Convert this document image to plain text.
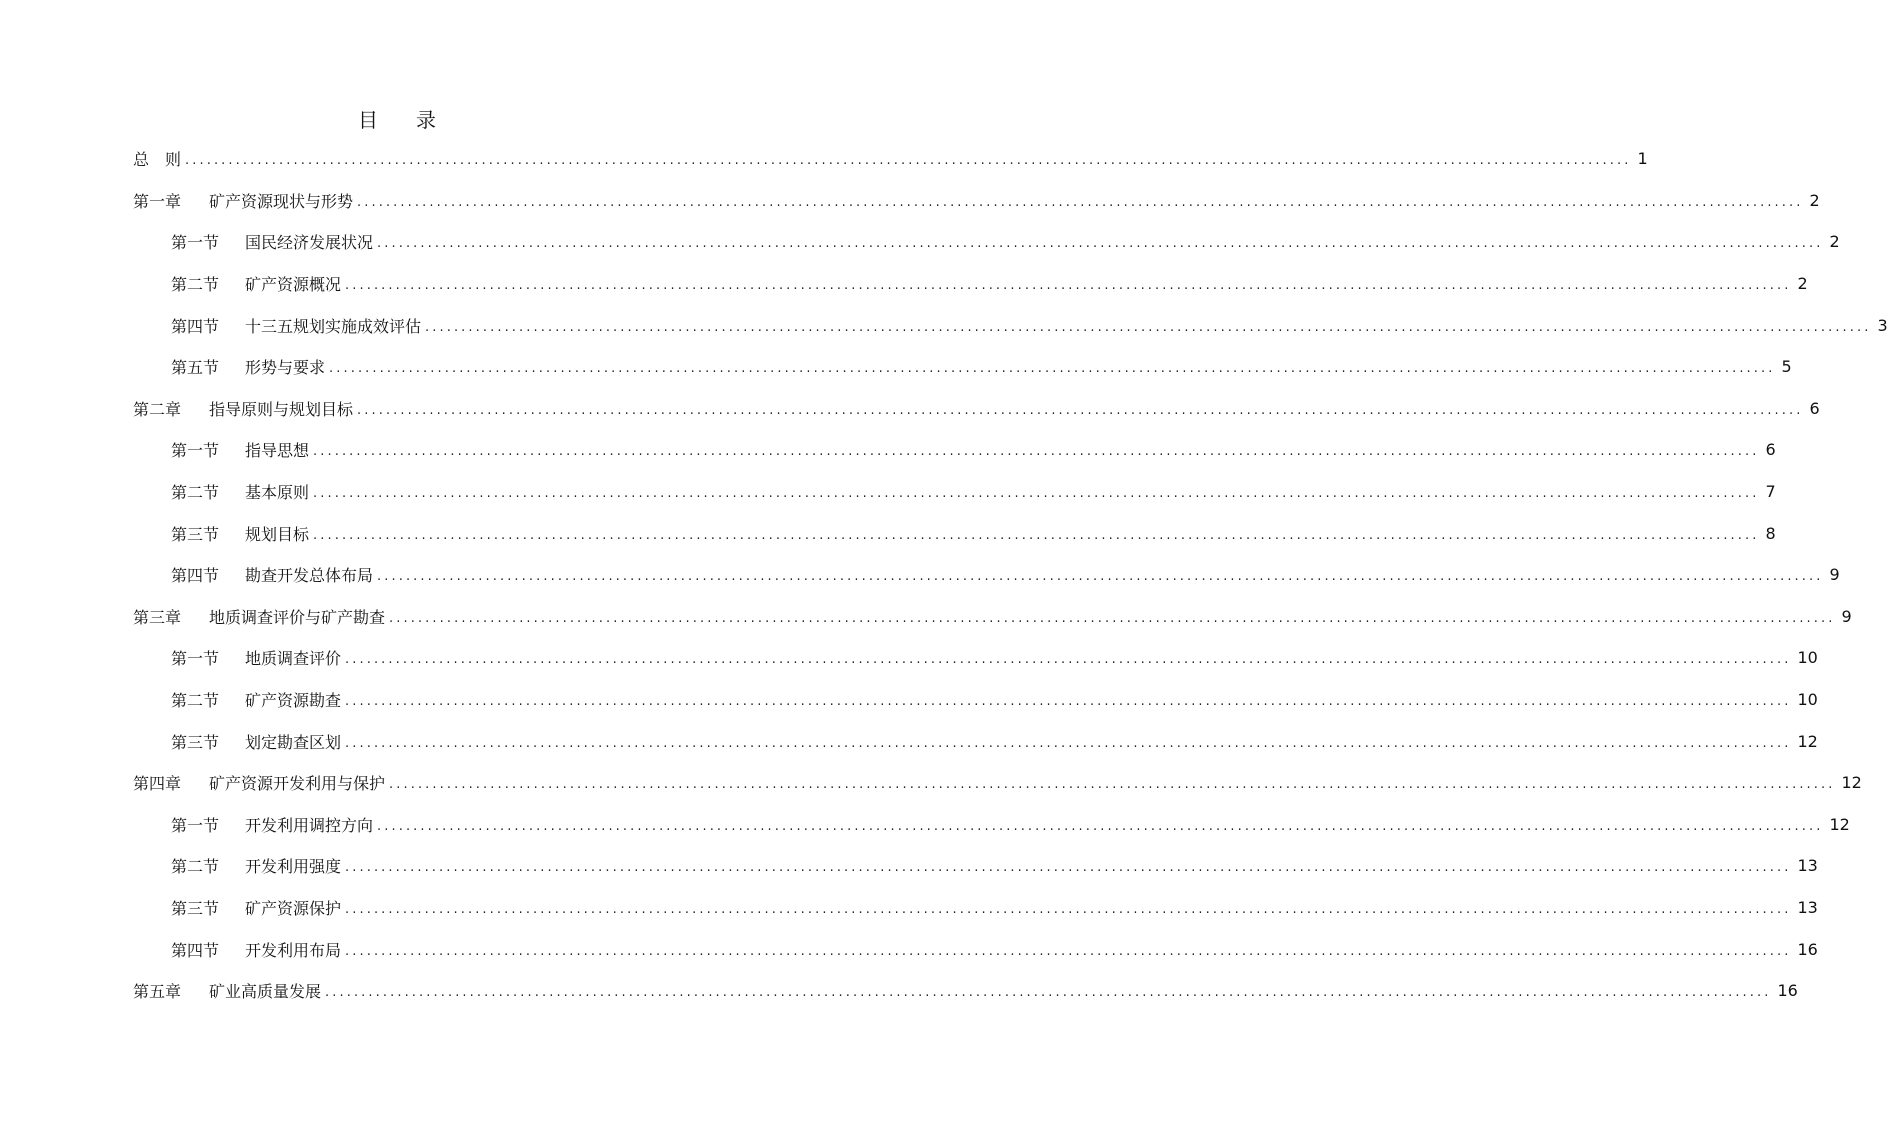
目 录
总　则 ........................................................................................................................................................................................................ 1
第一章 矿产资源现状与形势 ........................................................................................................................................................................................................ 2
第一节 国民经济发展状况 ........................................................................................................................................................................................................ 2
第二节 矿产资源概况 ........................................................................................................................................................................................................ 2
第四节 十三五规划实施成效评估 ........................................................................................................................................................................................................ 3
第五节 形势与要求 ........................................................................................................................................................................................................ 5
第二章 指导原则与规划目标 ........................................................................................................................................................................................................ 6
第一节 指导思想 ........................................................................................................................................................................................................ 6
第二节 基本原则 ........................................................................................................................................................................................................ 7
第三节 规划目标 ........................................................................................................................................................................................................ 8
第四节 勘查开发总体布局 ........................................................................................................................................................................................................ 9
第三章 地质调查评价与矿产勘查 ........................................................................................................................................................................................................ 9
第一节 地质调查评价 ........................................................................................................................................................................................................ 10
第二节 矿产资源勘查 ........................................................................................................................................................................................................ 10
第三节 划定勘查区划 ........................................................................................................................................................................................................ 12
第四章 矿产资源开发利用与保护 ........................................................................................................................................................................................................ 12
第一节 开发利用调控方向 ........................................................................................................................................................................................................ 12
第二节 开发利用强度 ........................................................................................................................................................................................................ 13
第三节 矿产资源保护 ........................................................................................................................................................................................................ 13
第四节 开发利用布局 ........................................................................................................................................................................................................ 16
第五章 矿业高质量发展 ........................................................................................................................................................................................................ 16
